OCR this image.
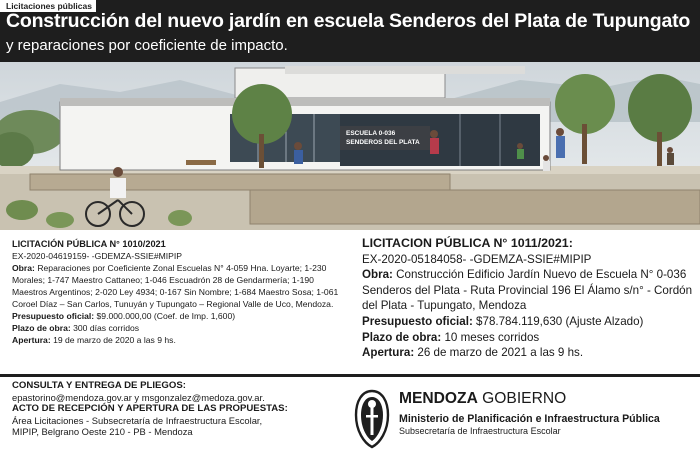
Licitaciones públicas
Construcción del nuevo jardín en escuela Senderos del Plata de Tupungato
y reparaciones por coeficiente de impacto.
ESCUELA 0-036
SENDEROS DEL PLATA
LICITACIÓN PÚBLICA N° 1010/2021
EX-2020-04619159- -GDEMZA-SSIE#MIPIP
Obra: Reparaciones por Coeficiente Zonal Escuelas N° 4-059 Hna. Loyarte; 1-230 Morales; 1-747 Maestro Cattaneo; 1-046 Escuadrón 28 de Gendarmería; 1-190 Maestros Argentinos; 2-020 Ley 4934; 0-167 Sin Nombre; 1-684 Maestro Sosa; 1-061 Coroel Díaz – San Carlos, Tunuyán y Tupungato – Regional Valle de Uco, Mendoza.
Presupuesto oficial: $9.000.000,00 (Coef. de Imp. 1,600)
Plazo de obra: 300 días corridos
Apertura: 19 de marzo de 2020 a las 9 hs.
LICITACION PÚBLICA N° 1011/2021:
EX-2020-05184058- -GDEMZA-SSIE#MIPIP
Obra: Construcción Edificio Jardín Nuevo de Escuela N° 0-036 Senderos del Plata - Ruta Provincial 196 El Álamo s/n° - Cordón del Plata - Tupungato, Mendoza
Presupuesto oficial: $78.784.119,630 (Ajuste Alzado)
Plazo de obra: 10 meses corridos
Apertura: 26 de marzo de 2021 a las 9 hs.
CONSULTA Y ENTREGA DE PLIEGOS:
epastorino@mendoza.gov.ar y msgonzalez@medoza.gov.ar.
ACTO DE RECEPCIÓN Y APERTURA DE LAS PROPUESTAS:
Área Licitaciones - Subsecretaría de Infraestructura Escolar,
MIPIP, Belgrano Oeste 210 - PB - Mendoza
MENDOZA GOBIERNO
Ministerio de Planificación e Infraestructura Pública
Subsecretaría de Infraestructura Escolar
